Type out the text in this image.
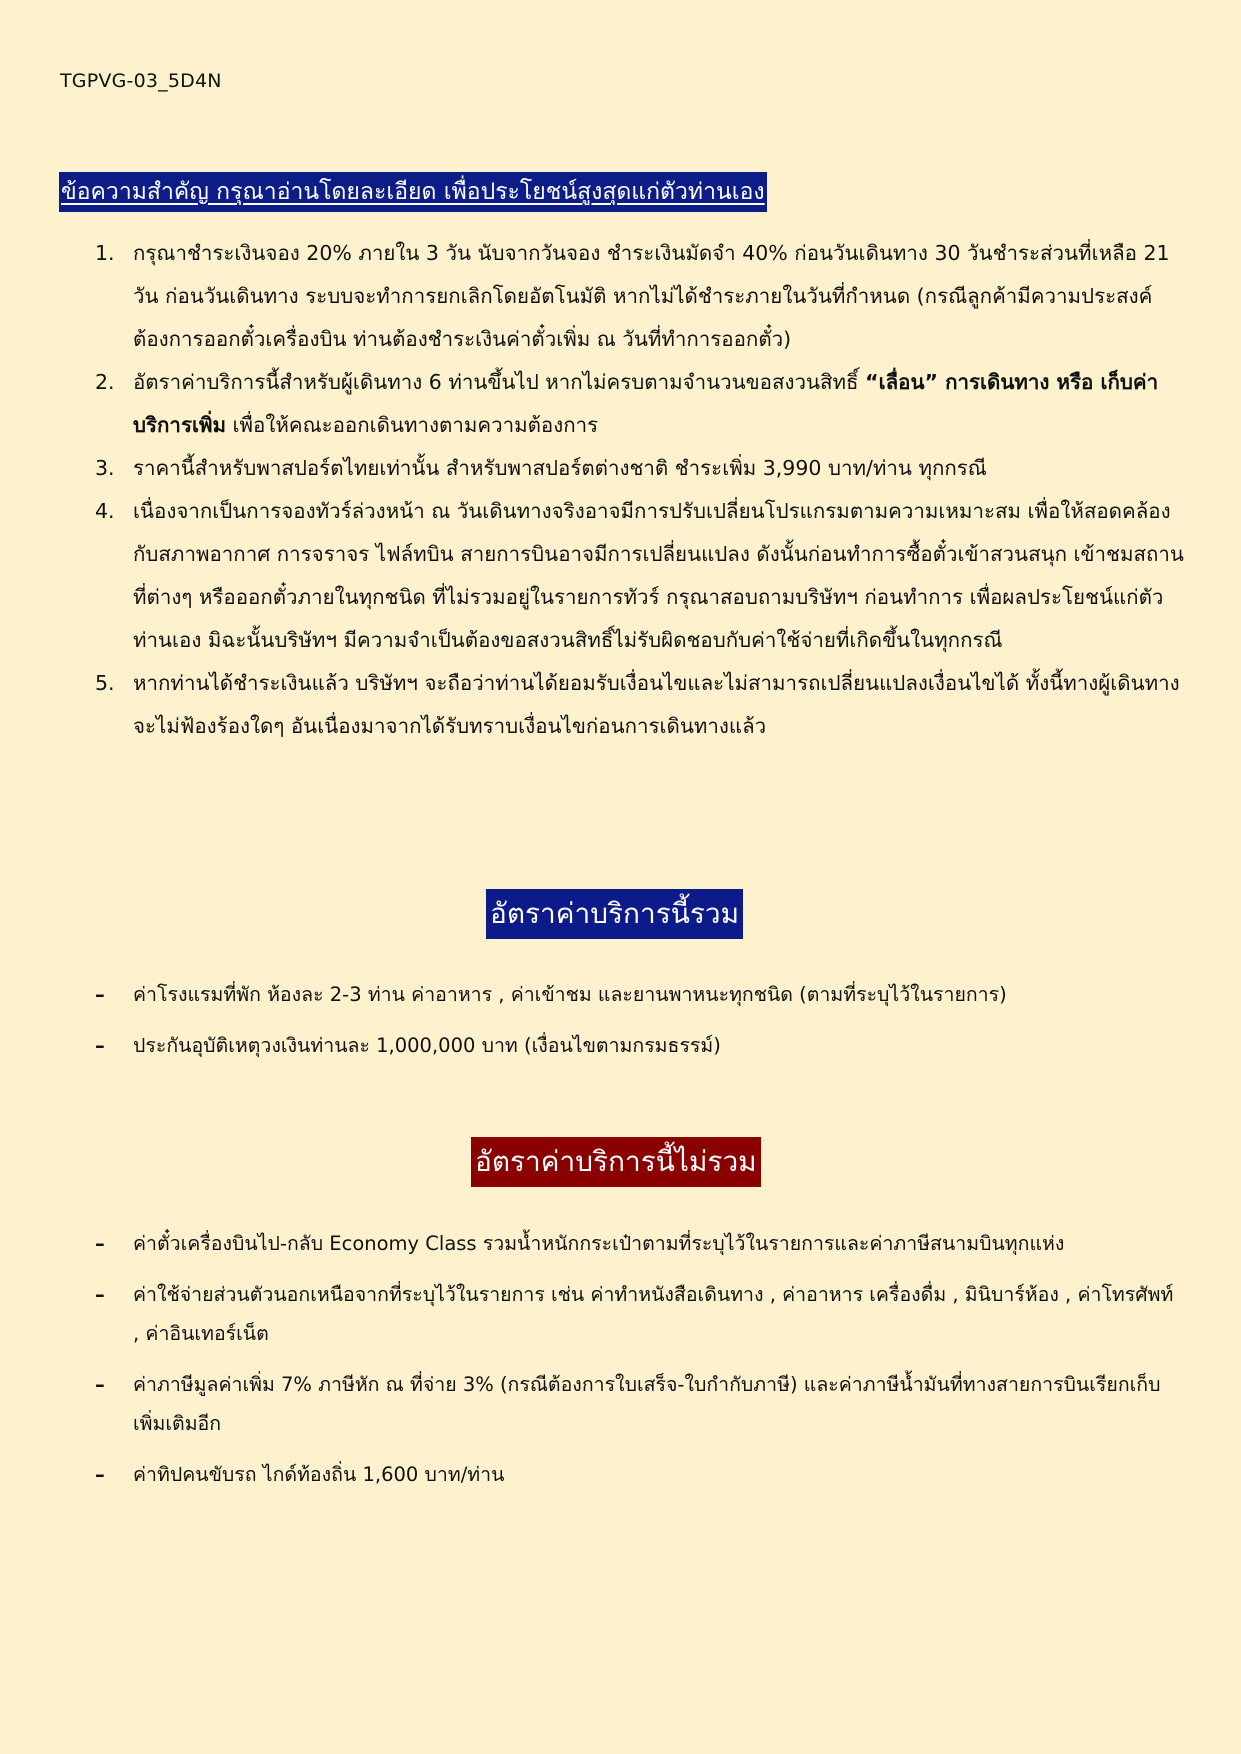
TGPVG-03_5D4N
ข้อความสำคัญ กรุณาอ่านโดยละเอียด เพื่อประโยชน์สูงสุดแก่ตัวท่านเอง
1. กรุณาชำระเงินจอง 20% ภายใน 3 วัน นับจากวันจอง ชำระเงินมัดจำ 40% ก่อนวันเดินทาง 30 วันชำระส่วนที่เหลือ 21 วัน ก่อนวันเดินทาง ระบบจะทำการยกเลิกโดยอัตโนมัติ หากไม่ได้ชำระภายในวันที่กำหนด (กรณีลูกค้ามีความประสงค์ต้องการออกตั๋วเครื่องบิน ท่านต้องชำระเงินค่าตั๋วเพิ่ม ณ วันที่ทำการออกตั๋ว)
2. อัตราค่าบริการนี้สำหรับผู้เดินทาง 6 ท่านขึ้นไป หากไม่ครบตามจำนวนขอสงวนสิทธิ์ “เลื่อน” การเดินทาง หรือ เก็บค่าบริการเพิ่ม เพื่อให้คณะออกเดินทางตามความต้องการ
3. ราคานี้สำหรับพาสปอร์ตไทยเท่านั้น สำหรับพาสปอร์ตต่างชาติ ชำระเพิ่ม 3,990 บาท/ท่าน ทุกกรณี
4. เนื่องจากเป็นการจองทัวร์ล่วงหน้า ณ วันเดินทางจริงอาจมีการปรับเปลี่ยนโปรแกรมตามความเหมาะสม เพื่อให้สอดคล้องกับสภาพอากาศ การจราจร ไฟล์ทบิน สายการบินอาจมีการเปลี่ยนแปลง ดังนั้นก่อนทำการซื้อตั๋วเข้าสวนสนุก เข้าชมสถานที่ต่างๆ หรือออกตั๋วภายในทุกชนิด ที่ไม่รวมอยู่ในรายการทัวร์ กรุณาสอบถามบริษัทฯ ก่อนทำการ เพื่อผลประโยชน์แก่ตัวท่านเอง มิฉะนั้นบริษัทฯ มีความจำเป็นต้องขอสงวนสิทธิ์ไม่รับผิดชอบกับค่าใช้จ่ายที่เกิดขึ้นในทุกกรณี
5. หากท่านได้ชำระเงินแล้ว บริษัทฯ จะถือว่าท่านได้ยอมรับเงื่อนไขและไม่สามารถเปลี่ยนแปลงเงื่อนไขได้ ทั้งนี้ทางผู้เดินทางจะไม่ฟ้องร้องใดๆ อันเนื่องมาจากได้รับทราบเงื่อนไขก่อนการเดินทางแล้ว
อัตราค่าบริการนี้รวม
–	ค่าโรงแรมที่พัก ห้องละ 2-3 ท่าน ค่าอาหาร , ค่าเข้าชม และยานพาหนะทุกชนิด (ตามที่ระบุไว้ในรายการ)
–	ประกันอุบัติเหตุวงเงินท่านละ 1,000,000 บาท (เงื่อนไขตามกรมธรรม์)
อัตราค่าบริการนี้ไม่รวม
–	ค่าตั๋วเครื่องบินไป-กลับ Economy Class รวมน้ำหนักกระเป๋าตามที่ระบุไว้ในรายการและค่าภาษีสนามบินทุกแห่ง
–	ค่าใช้จ่ายส่วนตัวนอกเหนือจากที่ระบุไว้ในรายการ เช่น ค่าทำหนังสือเดินทาง , ค่าอาหาร เครื่องดื่ม , มินิบาร์ห้อง , ค่าโทรศัพท์ , ค่าอินเทอร์เน็ต
–	ค่าภาษีมูลค่าเพิ่ม 7% ภาษีหัก ณ ที่จ่าย 3% (กรณีต้องการใบเสร็จ-ใบกำกับภาษี) และค่าภาษีน้ำมันที่ทางสายการบินเรียกเก็บเพิ่มเติมอีก
–	ค่าทิปคนขับรถ ไกด์ท้องถิ่น 1,600 บาท/ท่าน
